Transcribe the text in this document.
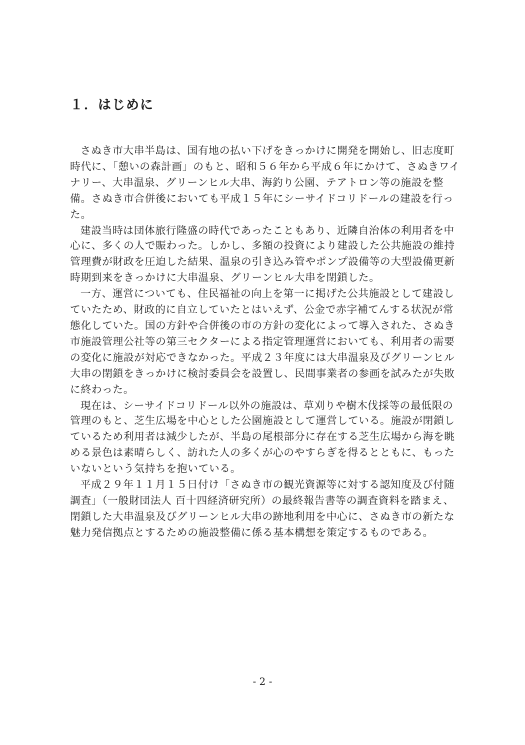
１．はじめに

さぬき市大串半島は、国有地の払い下げをきっかけに開発を開始し、旧志度町時代に、「憩いの森計画」のもと、昭和５６年から平成６年にかけて、さぬきワイナリー、大串温泉、グリーンヒル大串、海釣り公園、テアトロン等の施設を整備。さぬき市合併後においても平成１５年にシーサイドコリドールの建設を行った。

建設当時は団体旅行隆盛の時代であったこともあり、近隣自治体の利用者を中心に、多くの人で賑わった。しかし、多額の投資により建設した公共施設の維持管理費が財政を圧迫した結果、温泉の引き込み管やポンプ設備等の大型設備更新時期到来をきっかけに大串温泉、グリーンヒル大串を閉鎖した。

一方、運営についても、住民福祉の向上を第一に掲げた公共施設として建設していたため、財政的に自立していたとはいえず、公金で赤字補てんする状況が常態化していた。国の方針や合併後の市の方針の変化によって導入された、さぬき市施設管理公社等の第三セクターによる指定管理運営においても、利用者の需要の変化に施設が対応できなかった。平成２３年度には大串温泉及びグリーンヒル大串の閉鎖をきっかけに検討委員会を設置し、民間事業者の参画を試みたが失敗に終わった。

現在は、シーサイドコリドール以外の施設は、草刈りや樹木伐採等の最低限の管理のもと、芝生広場を中心とした公園施設として運営している。施設が閉鎖しているため利用者は減少したが、半島の尾根部分に存在する芝生広場から海を眺める景色は素晴らしく、訪れた人の多くが心のやすらぎを得るとともに、もったいないという気持ちを抱いている。

平成２９年１１月１５日付け「さぬき市の観光資源等に対する認知度及び付随調査」（一般財団法人 百十四経済研究所）の最終報告書等の調査資料を踏まえ、閉鎖した大串温泉及びグリーンヒル大串の跡地利用を中心に、さぬき市の新たな魅力発信拠点とするための施設整備に係る基本構想を策定するものである。

- 2 -
